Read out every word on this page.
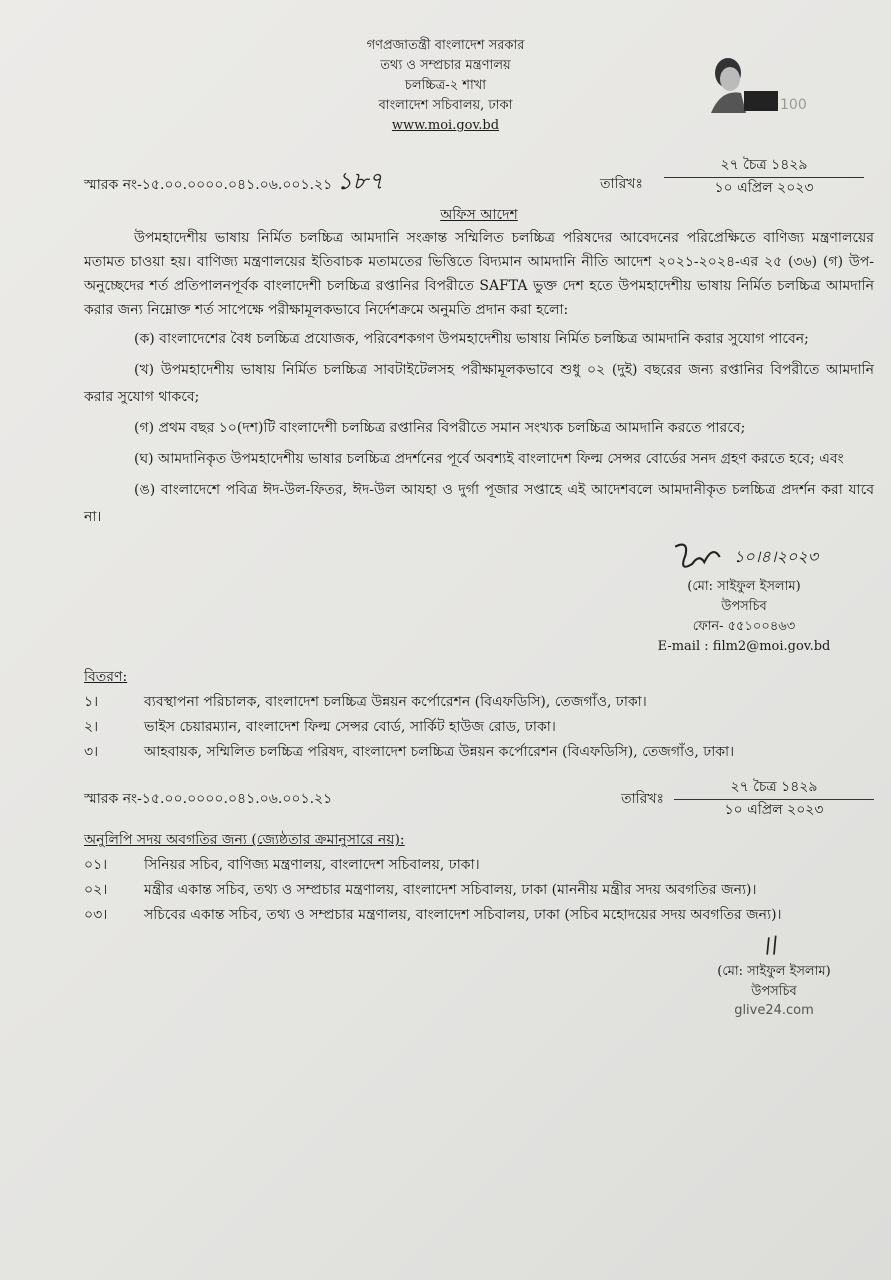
গণপ্রজাতন্ত্রী বাংলাদেশ সরকার
তথ্য ও সম্প্রচার মন্ত্রণালয়
চলচ্চিত্র-২ শাখা
বাংলাদেশ সচিবালয়, ঢাকা
www.moi.gov.bd
100
স্মারক নং-১৫.০০.০০০০.০৪১.০৬.০০১.২১ ১৮৭	তারিখঃ
২৭ চৈত্র ১৪২৯
১০ এপ্রিল ২০২৩
অফিস আদেশ

উপমহাদেশীয় ভাষায় নির্মিত চলচ্চিত্র আমদানি সংক্রান্ত সম্মিলিত চলচ্চিত্র পরিষদের আবেদনের পরিপ্রেক্ষিতে বাণিজ্য মন্ত্রণালয়ের মতামত চাওয়া হয়। বাণিজ্য মন্ত্রণালয়ের ইতিবাচক মতামতের ভিত্তিতে বিদ্যমান আমদানি নীতি আদেশ ২০২১-২০২৪-এর ২৫ (৩৬) (গ) উপ-অনুচ্ছেদের শর্ত প্রতিপালনপূর্বক বাংলাদেশী চলচ্চিত্র রপ্তানির বিপরীতে SAFTA ভুক্ত দেশ হতে উপমহাদেশীয় ভাষায় নির্মিত চলচ্চিত্র আমদানি করার জন্য নিম্নোক্ত শর্ত সাপেক্ষে পরীক্ষামূলকভাবে নির্দেশক্রমে অনুমতি প্রদান করা হলো:

(ক) বাংলাদেশের বৈধ চলচ্চিত্র প্রযোজক, পরিবেশকগণ উপমহাদেশীয় ভাষায় নির্মিত চলচ্চিত্র আমদানি করার সুযোগ পাবেন;

(খ) উপমহাদেশীয় ভাষায় নির্মিত চলচ্চিত্র সাবটাইটেলসহ পরীক্ষামূলকভাবে শুধু ০২ (দুই) বছরের জন্য রপ্তানির বিপরীতে আমদানি করার সুযোগ থাকবে;

(গ) প্রথম বছর ১০(দশ)টি বাংলাদেশী চলচ্চিত্র রপ্তানির বিপরীতে সমান সংখ্যক চলচ্চিত্র আমদানি করতে পারবে;

(ঘ) আমদানিকৃত উপমহাদেশীয় ভাষার চলচ্চিত্র প্রদর্শনের পূর্বে অবশ্যই বাংলাদেশ ফিল্ম সেন্সর বোর্ডের সনদ গ্রহণ করতে হবে; এবং

(ঙ) বাংলাদেশে পবিত্র ঈদ-উল-ফিতর, ঈদ-উল আযহা ও দুর্গা পূজার সপ্তাহে এই আদেশবলে আমদানীকৃত চলচ্চিত্র প্রদর্শন করা যাবে না।

১০।৪।২০২৩
(মো: সাইফুল ইসলাম)
উপসচিব
ফোন- ৫৫১০০৪৬৩
E-mail : film2@moi.gov.bd
বিতরণ:
১।	ব্যবস্থাপনা পরিচালক, বাংলাদেশ চলচ্চিত্র উন্নয়ন কর্পোরেশন (বিএফডিসি), তেজগাঁও, ঢাকা।
২।	ভাইস চেয়ারম্যান, বাংলাদেশ ফিল্ম সেন্সর বোর্ড, সার্কিট হাউজ রোড, ঢাকা।
৩।	আহবায়ক, সম্মিলিত চলচ্চিত্র পরিষদ, বাংলাদেশ চলচ্চিত্র উন্নয়ন কর্পোরেশন (বিএফডিসি), তেজগাঁও, ঢাকা।
স্মারক নং-১৫.০০.০০০০.০৪১.০৬.০০১.২১	তারিখঃ
২৭ চৈত্র ১৪২৯
১০ এপ্রিল ২০২৩
অনুলিপি সদয় অবগতির জন্য (জ্যেষ্ঠতার ক্রমানুসারে নয়):
০১।	সিনিয়র সচিব, বাণিজ্য মন্ত্রণালয়, বাংলাদেশ সচিবালয়, ঢাকা।
০২।	মন্ত্রীর একান্ত সচিব, তথ্য ও সম্প্রচার মন্ত্রণালয়, বাংলাদেশ সচিবালয়, ঢাকা (মাননীয় মন্ত্রীর সদয় অবগতির জন্য)।
০৩।	সচিবের একান্ত সচিব, তথ্য ও সম্প্রচার মন্ত্রণালয়, বাংলাদেশ সচিবালয়, ঢাকা (সচিব মহোদয়ের সদয় অবগতির জন্য)।
(মো: সাইফুল ইসলাম)
উপসচিব
glive24.com
